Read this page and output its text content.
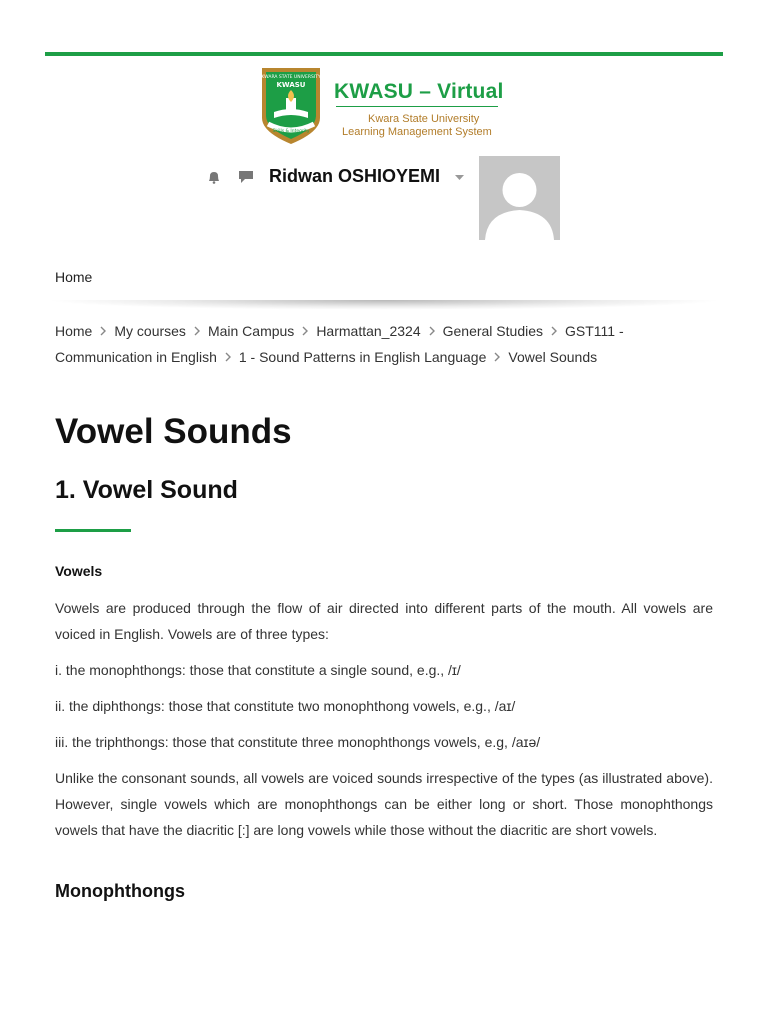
KWARA STATE UNIVERSITY
KWASU
Skills & Integrity
KWASU – Virtual
Kwara State University
Learning Management System
Ridwan OSHIOYEMI
Home
Home My courses Main Campus Harmattan_2324 General Studies GST111 - Communication in English 1 - Sound Patterns in English Language Vowel Sounds
Vowel Sounds
1. Vowel Sound
Vowels

Vowels are produced through the flow of air directed into different parts of the mouth. All vowels are voiced in English. Vowels are of three types:

i. the monophthongs: those that constitute a single sound, e.g., /ɪ/

ii. the diphthongs: those that constitute two monophthong vowels, e.g., /aɪ/

iii. the triphthongs: those that constitute three monophthongs vowels, e.g, /aɪə/

Unlike the consonant sounds, all vowels are voiced sounds irrespective of the types (as illustrated above). However, single vowels which are monophthongs can be either long or short. Those monophthongs vowels that have the diacritic [:] are long vowels while those without the diacritic are short vowels.

Monophthongs
